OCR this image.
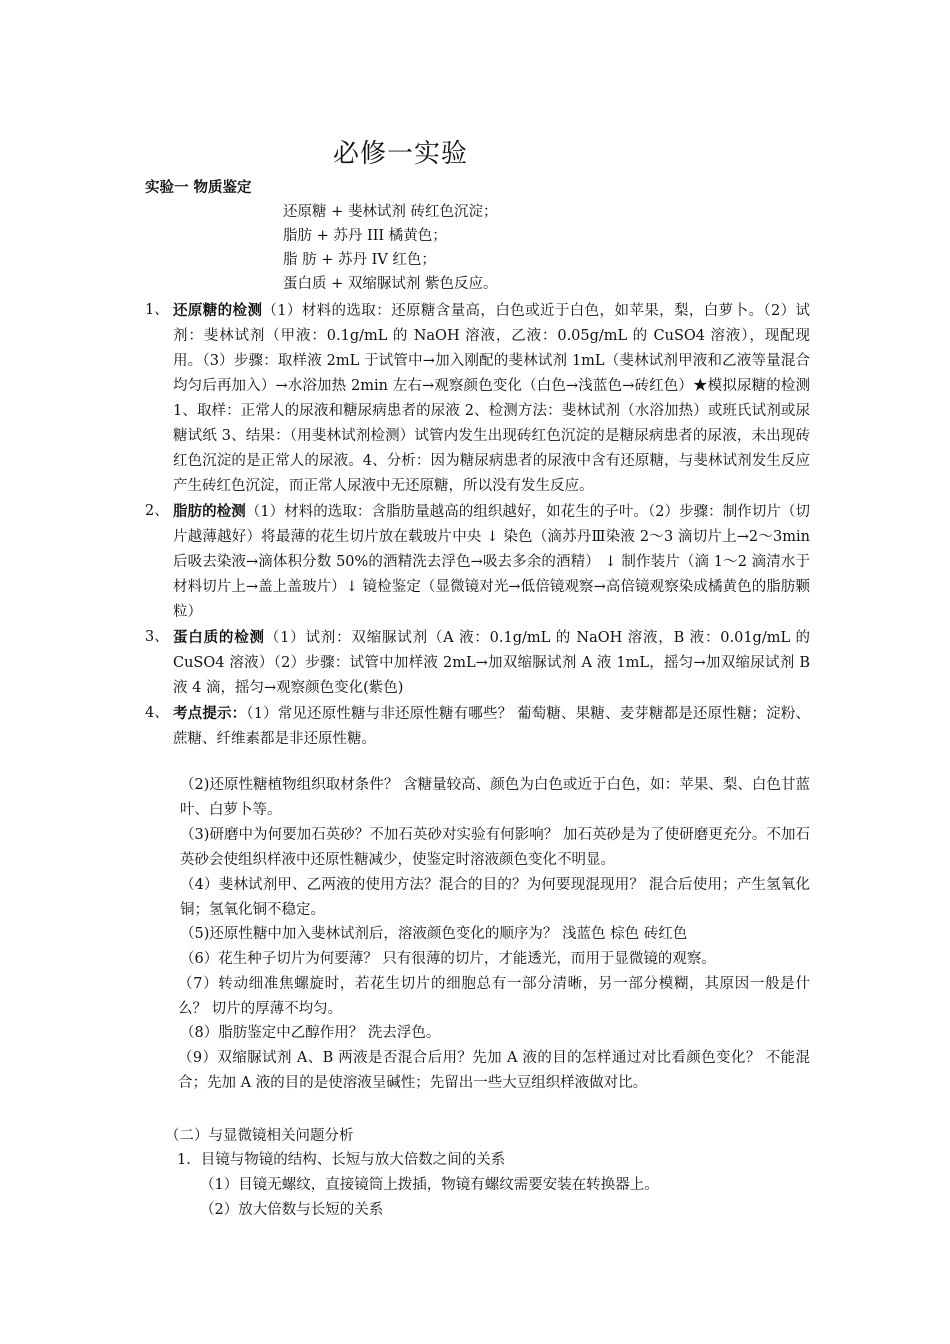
必修一实验
实验一 物质鉴定
还原糖 + 斐林试剂 砖红色沉淀；
脂肪 + 苏丹 III 橘黄色；
脂 肪 + 苏丹 IV 红色；
蛋白质 + 双缩脲试剂 紫色反应。
1、 还原糖的检测（1）材料的选取：还原糖含量高，白色或近于白色，如苹果，梨，白萝卜。（2）试剂：斐林试剂（甲液：0.1g/mL 的 NaOH 溶液，乙液：0.05g/mL 的 CuSO4 溶液），现配现用。（3）步骤：取样液 2mL 于试管中→加入刚配的斐林试剂 1mL（斐林试剂甲液和乙液等量混合均匀后再加入）→水浴加热 2min 左右→观察颜色变化（白色→浅蓝色→砖红色）★模拟尿糖的检测 1、取样：正常人的尿液和糖尿病患者的尿液 2、检测方法：斐林试剂（水浴加热）或班氏试剂或尿糖试纸 3、结果：（用斐林试剂检测）试管内发生出现砖红色沉淀的是糖尿病患者的尿液，未出现砖红色沉淀的是正常人的尿液。4、分析：因为糖尿病患者的尿液中含有还原糖，与斐林试剂发生反应产生砖红色沉淀，而正常人尿液中无还原糖，所以没有发生反应。
2、 脂肪的检测（1）材料的选取：含脂肪量越高的组织越好，如花生的子叶。（2）步骤：制作切片（切片越薄越好）将最薄的花生切片放在载玻片中央 ↓ 染色（滴苏丹Ⅲ染液 2～3 滴切片上→2～3min 后吸去染液→滴体积分数 50%的酒精洗去浮色→吸去多余的酒精） ↓ 制作装片（滴 1～2 滴清水于材料切片上→盖上盖玻片）↓ 镜检鉴定（显微镜对光→低倍镜观察→高倍镜观察染成橘黄色的脂肪颗粒）
3、 蛋白质的检测（1）试剂：双缩脲试剂（A 液：0.1g/mL 的 NaOH 溶液，B 液：0.01g/mL 的 CuSO4 溶液）（2）步骤：试管中加样液 2mL→加双缩脲试剂 A 液 1mL，摇匀→加双缩尿试剂 B 液 4 滴，摇匀→观察颜色变化(紫色)
4、 考点提示：（1）常见还原性糖与非还原性糖有哪些？ 葡萄糖、果糖、麦芽糖都是还原性糖；淀粉、蔗糖、纤维素都是非还原性糖。
（2)还原性糖植物组织取材条件？ 含糖量较高、颜色为白色或近于白色，如：苹果、梨、白色甘蓝叶、白萝卜等。
（3)研磨中为何要加石英砂？不加石英砂对实验有何影响？ 加石英砂是为了使研磨更充分。不加石英砂会使组织样液中还原性糖减少，使鉴定时溶液颜色变化不明显。
（4）斐林试剂甲、乙两液的使用方法？混合的目的？为何要现混现用？ 混合后使用；产生氢氧化铜；氢氧化铜不稳定。
（5)还原性糖中加入斐林试剂后，溶液颜色变化的顺序为？ 浅蓝色 棕色 砖红色
（6）花生种子切片为何要薄？ 只有很薄的切片，才能透光，而用于显微镜的观察。
（7）转动细准焦螺旋时，若花生切片的细胞总有一部分清晰，另一部分模糊，其原因一般是什么？ 切片的厚薄不均匀。
（8）脂肪鉴定中乙醇作用？ 洗去浮色。
（9）双缩脲试剂 A、B 两液是否混合后用？先加 A 液的目的怎样通过对比看颜色变化？ 不能混合；先加 A 液的目的是使溶液呈碱性；先留出一些大豆组织样液做对比。
（二）与显微镜相关问题分析
1．目镜与物镜的结构、长短与放大倍数之间的关系
（1）目镜无螺纹，直接镜筒上拨插，物镜有螺纹需要安装在转换器上。
（2）放大倍数与长短的关系
